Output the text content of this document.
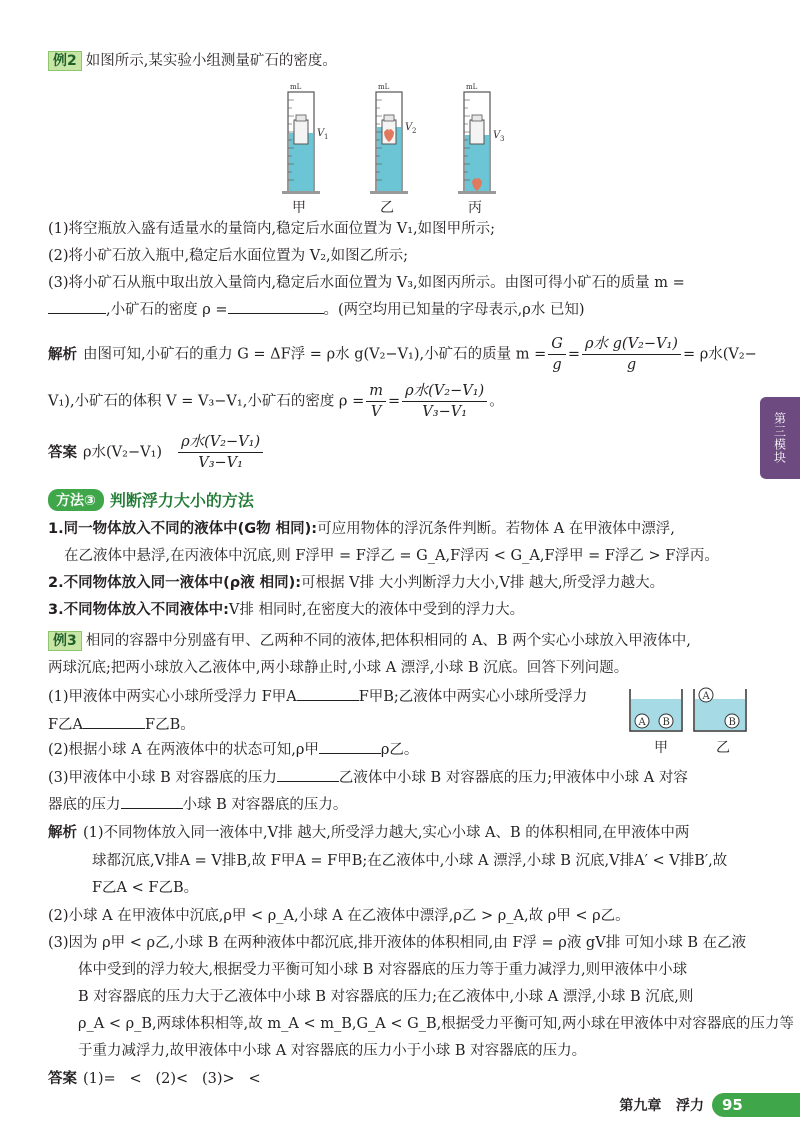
例2 如图所示,某实验小组测量矿石的密度。
mL
V 1
mL
V 2
mL
V 3
甲	乙	丙
(1)将空瓶放入盛有适量水的量筒内,稳定后水面位置为 V₁,如图甲所示;
(2)将小矿石放入瓶中,稳定后水面位置为 V₂,如图乙所示;
(3)将小矿石从瓶中取出放入量筒内,稳定后水面位置为 V₃,如图丙所示。由图可得小矿石的质量 m =
,小矿石的密度 ρ =	。(两空均用已知量的字母表示,ρ水 已知)
解析 由图可知,小矿石的重力 G = ΔF浮 = ρ水 g(V₂−V₁),小矿石的质量 $m = \frac{G}{g} = \frac{\text{ρ水 g(V₂−V₁)}}{g} = \rho$水(V₂−
V₁),小矿石的体积 V = V₃−V₁,小矿石的密度 $\rho = \frac{m}{V} = \frac{\text{ρ水(V₂−V₁)}}{\text{V₃−V₁}}$ 。
答案 ρ水$(V_2-V_1) \frac{\text{ρ水(V₂−V₁)}}{\text{V₃−V₁}}$	第三模块
方法③ 判断浮力大小的方法
1.同一物体放入不同的液体中(G物 相同):可应用物体的浮沉条件判断。若物体 A 在甲液体中漂浮,
在乙液体中悬浮,在丙液体中沉底,则 F浮甲 = F浮乙 = G_A,F浮丙 < G_A,F浮甲 = F浮乙 > F浮丙。
2.不同物体放入同一液体中(ρ液 相同):可根据 V排 大小判断浮力大小,V排 越大,所受浮力越大。
3.不同物体放入不同液体中:V排 相同时,在密度大的液体中受到的浮力大。
例3 相同的容器中分别盛有甲、乙两种不同的液体,把体积相同的 A、B 两个实心小球放入甲液体中,
两球沉底;把两小球放入乙液体中,两小球静止时,小球 A 漂浮,小球 B 沉底。回答下列问题。
(1)甲液体中两实心小球所受浮力 F甲A	F甲B;乙液体中两实心小球所受浮力
F乙A	F乙B。	A B
A
B
甲	乙
(2)根据小球 A 在两液体中的状态可知,ρ甲	ρ乙。
(3)甲液体中小球 B 对容器底的压力	乙液体中小球 B 对容器底的压力;甲液体中小球 A 对容
器底的压力	小球 B 对容器底的压力。
解析 (1)不同物体放入同一液体中,V排 越大,所受浮力越大,实心小球 A、B 的体积相同,在甲液体中两
球都沉底,V排A = V排B,故 F甲A = F甲B;在乙液体中,小球 A 漂浮,小球 B 沉底,V排A′ < V排B′,故
F乙A < F乙B。
(2)小球 A 在甲液体中沉底,ρ甲 < ρ_A,小球 A 在乙液体中漂浮,ρ乙 > ρ_A,故 ρ甲 < ρ乙。
(3)因为 ρ甲 < ρ乙,小球 B 在两种液体中都沉底,排开液体的体积相同,由 F浮 = ρ液 gV排 可知小球 B 在乙液
体中受到的浮力较大,根据受力平衡可知小球 B 对容器底的压力等于重力减浮力,则甲液体中小球
B 对容器底的压力大于乙液体中小球 B 对容器底的压力;在乙液体中,小球 A 漂浮,小球 B 沉底,则
ρ_A < ρ_B,两球体积相等,故 m_A < m_B,G_A < G_B,根据受力平衡可知,两小球在甲液体中对容器底的压力等
于重力减浮力,故甲液体中小球 A 对容器底的压力小于小球 B 对容器底的压力。
答案 (1)=   <   (2)<   (3)>   <
第九章   浮力	95
